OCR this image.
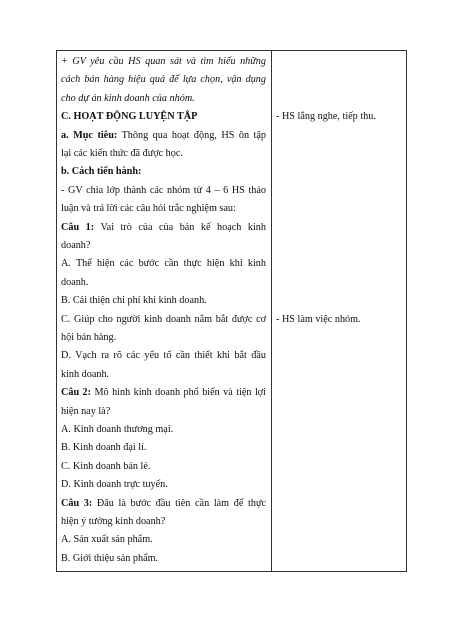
+ GV yêu cầu HS quan sát và tìm hiểu những
cách bán hàng hiệu quả để lựa chọn, vận dụng
cho dự án kinh doanh của nhóm.
C. HOẠT ĐỘNG LUYỆN TẬP
a. Mục tiêu: Thông qua hoạt động, HS ôn tập
lại các kiến thức đã được học.
b. Cách tiến hành:
- GV chia lớp thành các nhóm từ 4 – 6 HS thảo
luận và trả lời các câu hỏi trắc nghiệm sau:
Câu 1: Vai trò của của bản kế hoạch kinh
doanh?
A. Thể hiện các bước cần thực hiện khi kinh
doanh.
B. Cải thiện chi phí khi kinh doanh.
C. Giúp cho người kinh doanh nắm bắt được cơ
hội bán hàng.
D. Vạch ra rõ các yếu tố cần thiết khi bắt đầu
kinh doanh.
Câu 2: Mô hình kinh doanh phổ biến và tiện lợi
hiện nay là?
A. Kinh doanh thương mại.
B. Kinh doanh đại lí.
C. Kinh doanh bán lẻ.
D. Kinh doanh trực tuyến.
Câu 3: Đâu là bước đầu tiên cần làm để thực
hiện ý tưởng kinh doanh?
A. Sản xuất sản phẩm.
B. Giới thiệu sản phẩm.

- HS lắng nghe, tiếp thu.
- HS làm việc nhóm.
